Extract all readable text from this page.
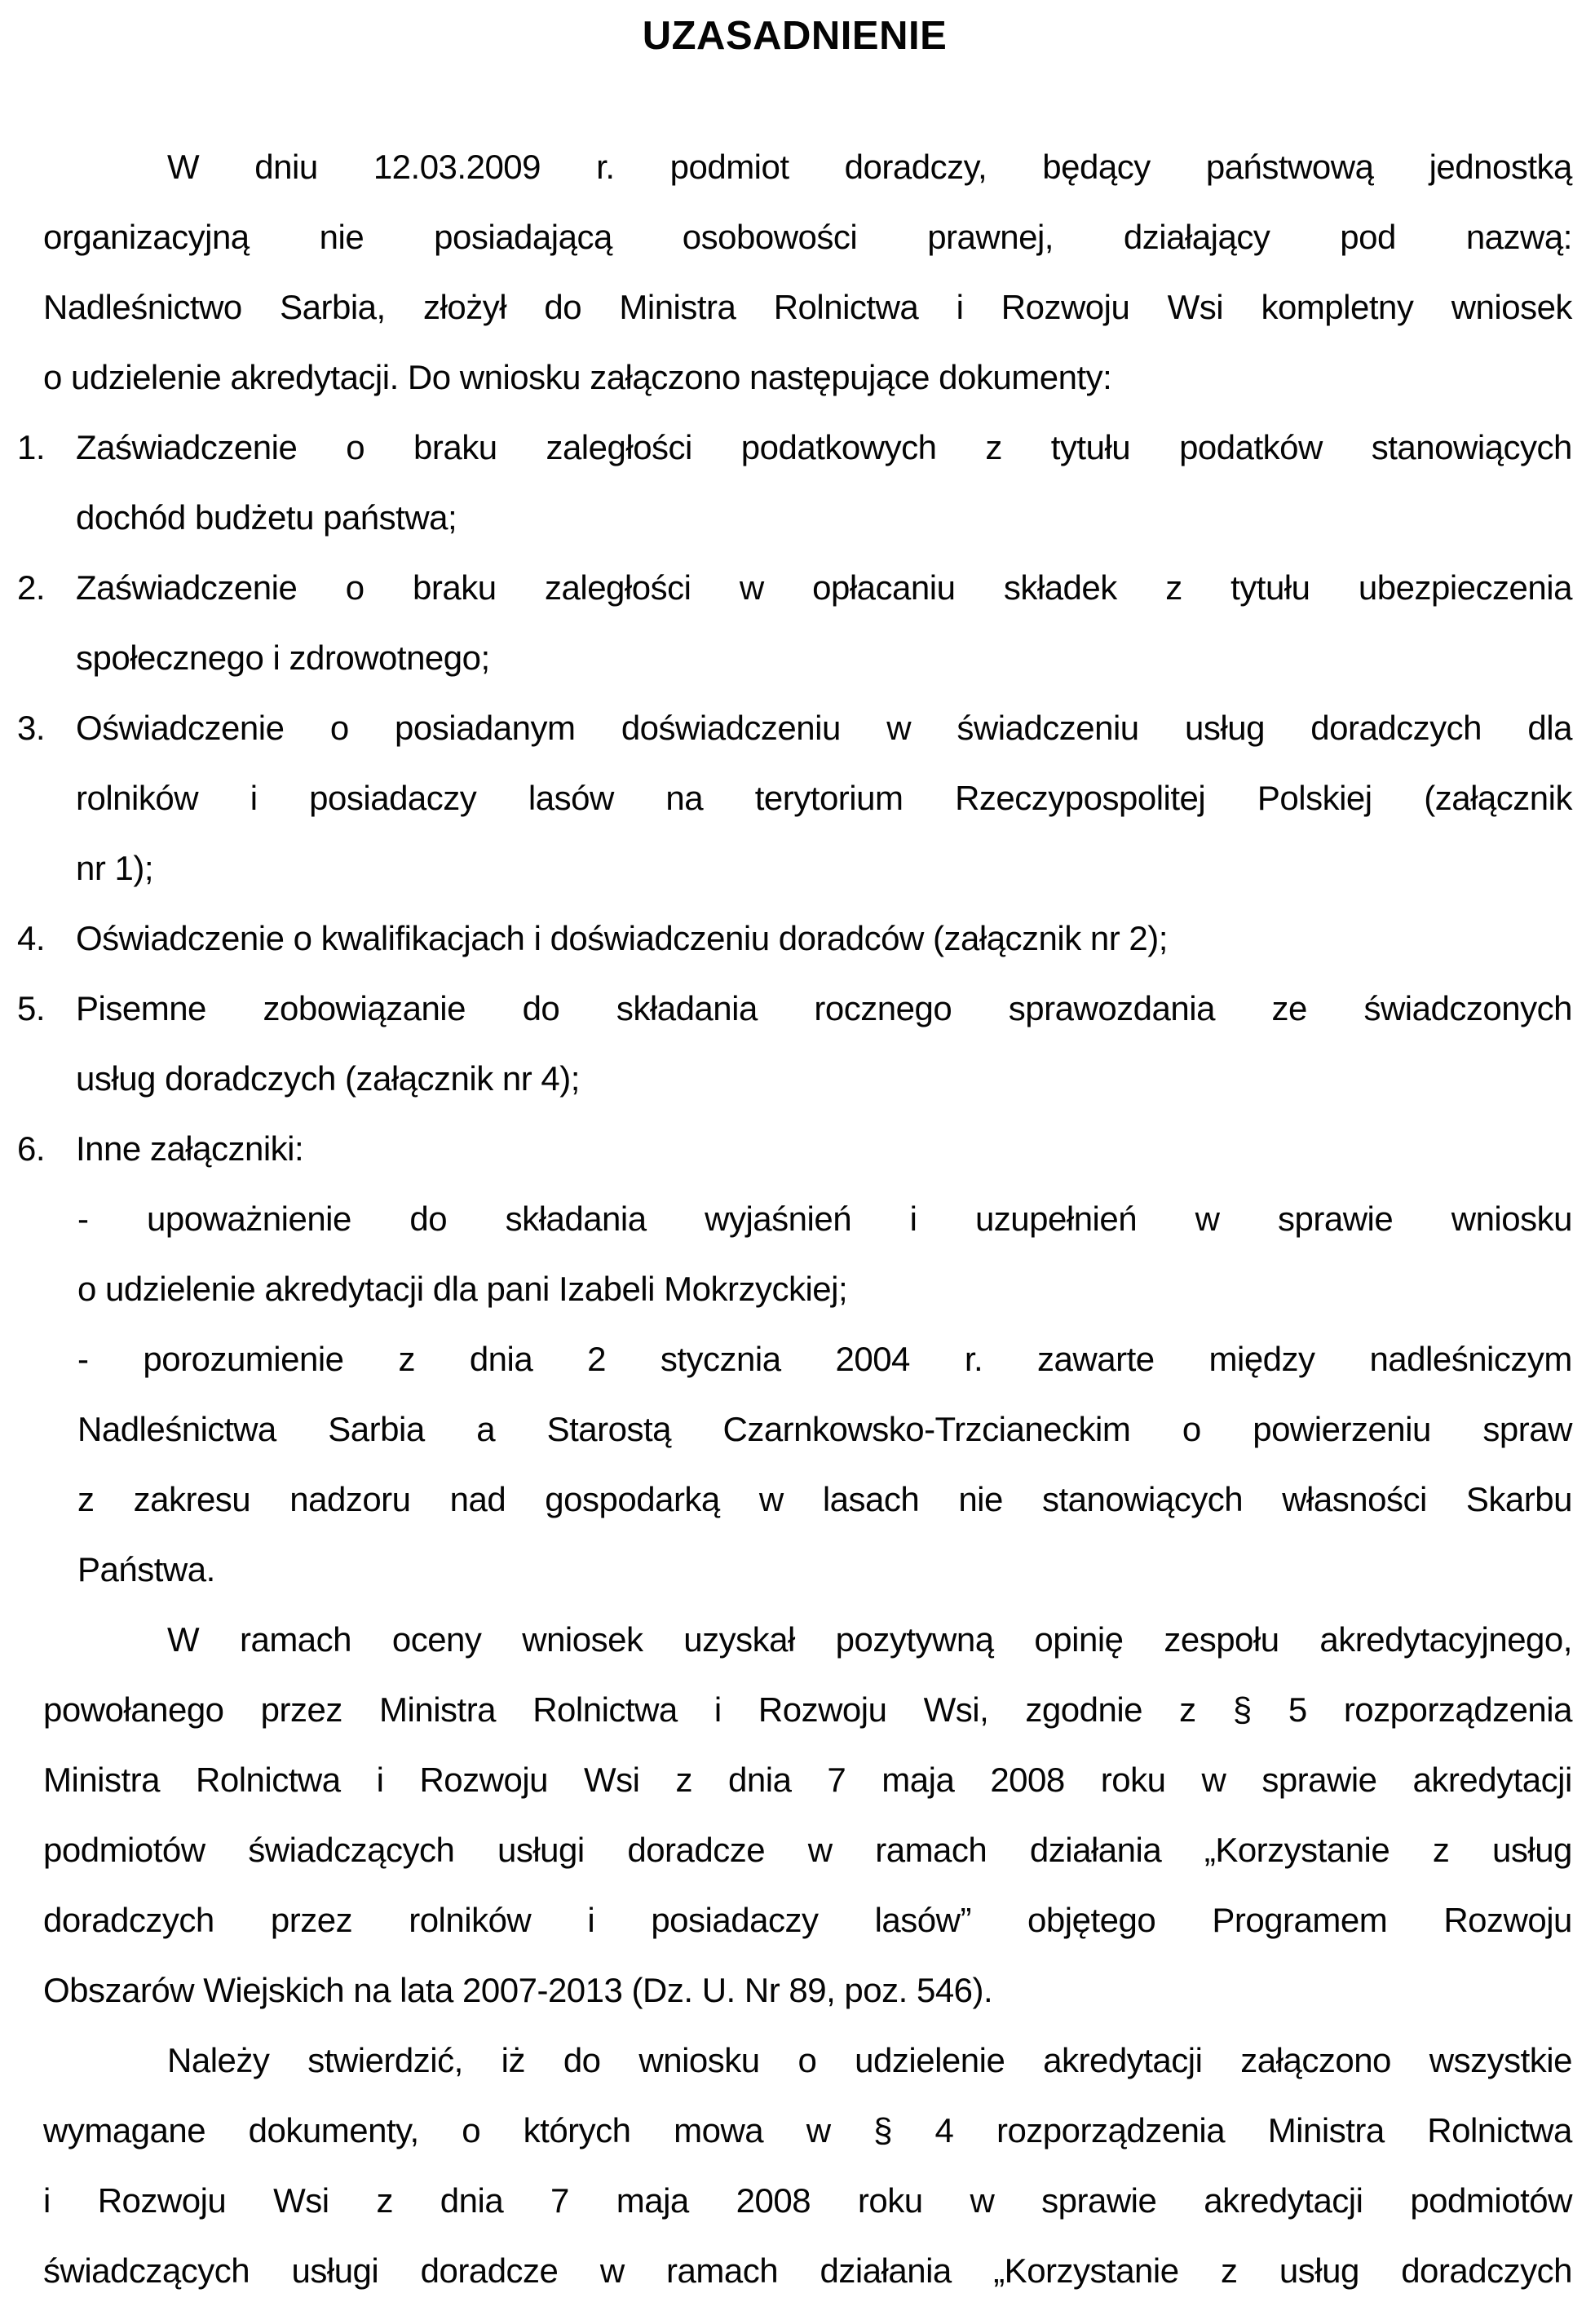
UZASADNIENIE
W dniu 12.03.2009 r. podmiot doradczy, będący państwową jednostką
organizacyjną nie posiadającą osobowości prawnej, działający pod nazwą:
Nadleśnictwo Sarbia, złożył do Ministra Rolnictwa i Rozwoju Wsi kompletny wniosek
o udzielenie akredytacji. Do wniosku załączono następujące dokumenty:
1. Zaświadczenie o braku zaległości podatkowych z tytułu podatków stanowiących
dochód budżetu państwa;
2. Zaświadczenie o braku zaległości w opłacaniu składek z tytułu ubezpieczenia
społecznego i zdrowotnego;
3. Oświadczenie o posiadanym doświadczeniu w świadczeniu usług doradczych dla
rolników i posiadaczy lasów na terytorium Rzeczypospolitej Polskiej (załącznik
nr 1);
4. Oświadczenie o kwalifikacjach i doświadczeniu doradców (załącznik nr 2);
5. Pisemne zobowiązanie do składania rocznego sprawozdania ze świadczonych
usług doradczych (załącznik nr 4);
6. Inne załączniki:
- upoważnienie do składania wyjaśnień i uzupełnień w sprawie wniosku
o udzielenie akredytacji dla pani Izabeli Mokrzyckiej;
- porozumienie z dnia 2 stycznia 2004 r. zawarte między nadleśniczym
Nadleśnictwa Sarbia a Starostą Czarnkowsko-Trzcianeckim o powierzeniu spraw
z zakresu nadzoru nad gospodarką w lasach nie stanowiących własności Skarbu
Państwa.
W ramach oceny wniosek uzyskał pozytywną opinię zespołu akredytacyjnego,
powołanego przez Ministra Rolnictwa i Rozwoju Wsi, zgodnie z § 5 rozporządzenia
Ministra Rolnictwa i Rozwoju Wsi z dnia 7 maja 2008 roku w sprawie akredytacji
podmiotów świadczących usługi doradcze w ramach działania „Korzystanie z usług
doradczych przez rolników i posiadaczy lasów” objętego Programem Rozwoju
Obszarów Wiejskich na lata 2007-2013 (Dz. U. Nr 89, poz. 546).
Należy stwierdzić, iż do wniosku o udzielenie akredytacji załączono wszystkie
wymagane dokumenty, o których mowa w § 4 rozporządzenia Ministra Rolnictwa
i Rozwoju Wsi z dnia 7 maja 2008 roku w sprawie akredytacji podmiotów
świadczących usługi doradcze w ramach działania „Korzystanie z usług doradczych
